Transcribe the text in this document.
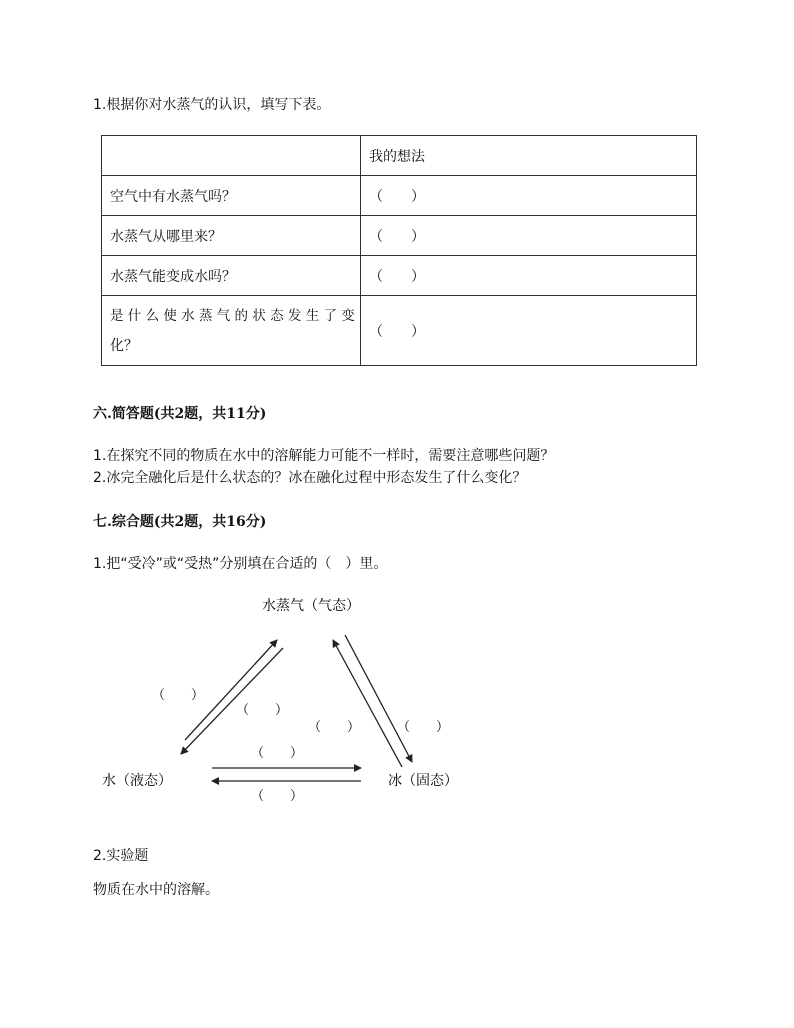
1.根据你对水蒸气的认识，填写下表。
	我的想法
空气中有水蒸气吗？	（　　）
水蒸气从哪里来？	（　　）
水蒸气能变成水吗？	（　　）

是 什 么 使 水 蒸 气 的 状 态 发 生 了 变
化？	（　　）
六.简答题(共2题，共11分)
1.在探究不同的物质在水中的溶解能力可能不一样时，需要注意哪些问题？
2.冰完全融化后是什么状态的？冰在融化过程中形态发生了什么变化？
七.综合题(共2题，共16分)
1.把“受冷”或“受热”分别填在合适的（　）里。
水蒸气（气态）
水（液态）	冰（固态）
（　　）
（　　）
（　　）	（　　）
（　　）
（　　）
2.实验题
物质在水中的溶解。
